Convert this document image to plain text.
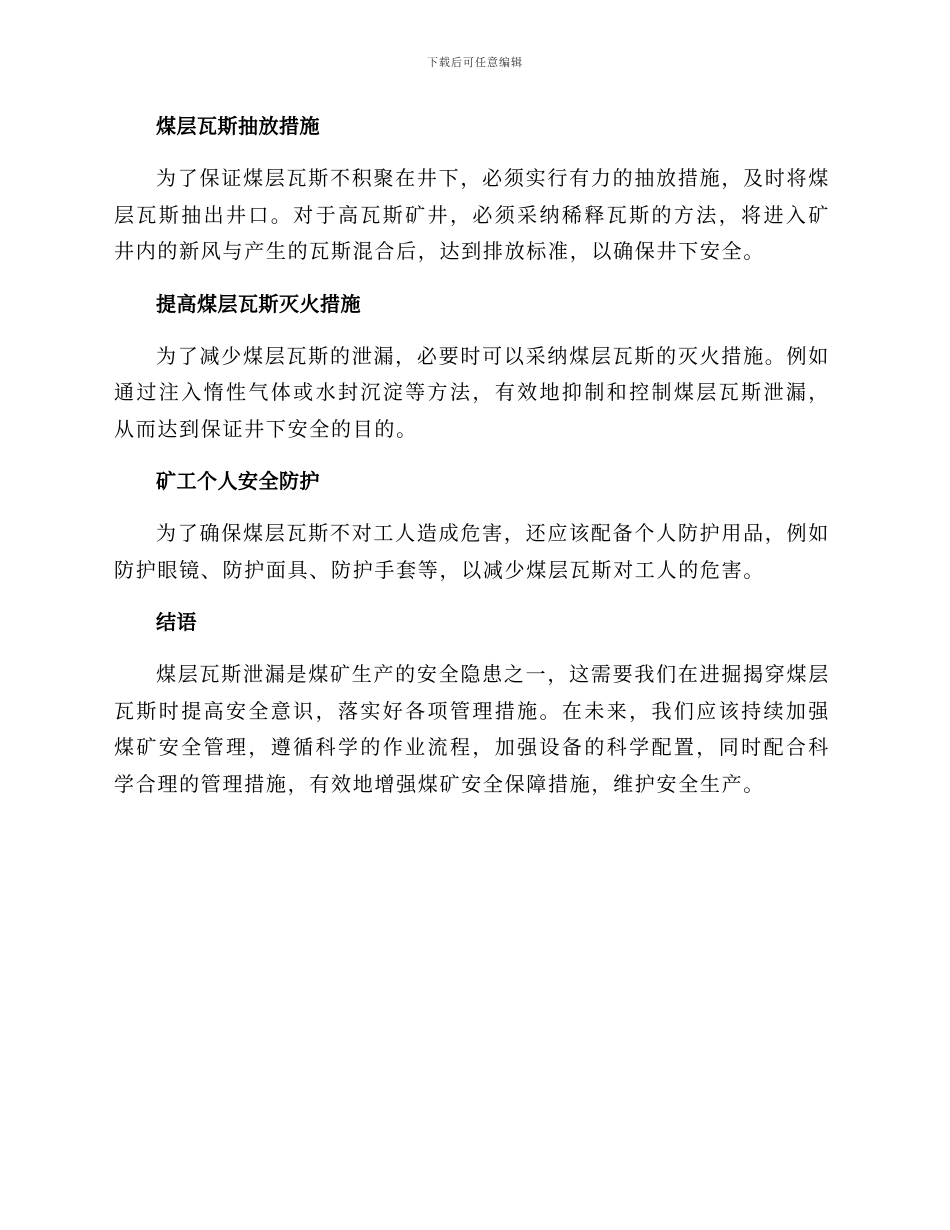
下载后可任意编辑
煤层瓦斯抽放措施
为了保证煤层瓦斯不积聚在井下，必须实行有力的抽放措施，及时将煤层瓦斯抽出井口。对于高瓦斯矿井，必须采纳稀释瓦斯的方法，将进入矿井内的新风与产生的瓦斯混合后，达到排放标准，以确保井下安全。
提高煤层瓦斯灭火措施
为了减少煤层瓦斯的泄漏，必要时可以采纳煤层瓦斯的灭火措施。例如通过注入惰性气体或水封沉淀等方法，有效地抑制和控制煤层瓦斯泄漏，从而达到保证井下安全的目的。
矿工个人安全防护
为了确保煤层瓦斯不对工人造成危害，还应该配备个人防护用品，例如防护眼镜、防护面具、防护手套等，以减少煤层瓦斯对工人的危害。
结语
煤层瓦斯泄漏是煤矿生产的安全隐患之一，这需要我们在进掘揭穿煤层瓦斯时提高安全意识，落实好各项管理措施。在未来，我们应该持续加强煤矿安全管理，遵循科学的作业流程，加强设备的科学配置，同时配合科学合理的管理措施，有效地增强煤矿安全保障措施，维护安全生产。
